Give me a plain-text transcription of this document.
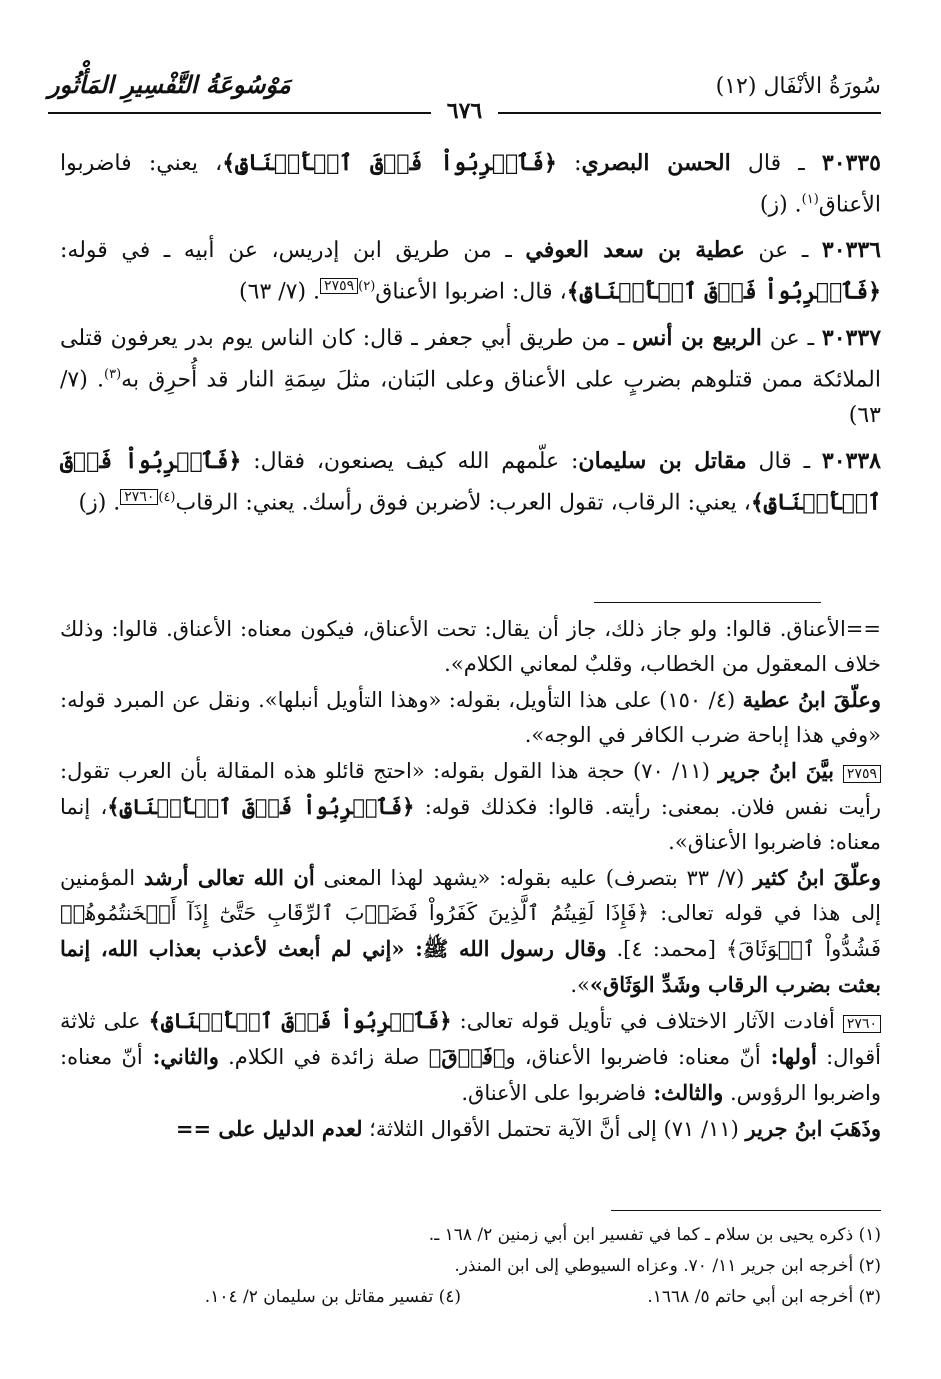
سُورَةُ الأنْفَال (١٢)
مَوْسُوعَةُ التَّفْسِيرِ المَأْثُور
٦٧٦

٣٠٣٣٥ ـ قال الحسن البصري: ﴿فَٱضۡرِبُواْ فَوۡقَ ٱلۡأَعۡنَاقِ﴾، يعني: فاضربوا الأعناق$^{(١)}$. (ز)

٣٠٣٣٦ ـ عن عطية بن سعد العوفي ـ من طريق ابن إدريس، عن أبيه ـ في قوله: ﴿فَٱضۡرِبُواْ فَوۡقَ ٱلۡأَعۡنَاقِ﴾، قال: اضربوا الأعناق$^{(٢)}$٢٧٥٩. (٧/ ٦٣)

٣٠٣٣٧ ـ عن الربيع بن أنس ـ من طريق أبي جعفر ـ قال: كان الناس يوم بدر يعرفون قتلى الملائكة ممن قتلوهم بضربٍ على الأعناق وعلى البَنان، مثلَ سِمَةِ النار قد أُحرِق به$^{(٣)}$. (٧/ ٦٣)

٣٠٣٣٨ ـ قال مقاتل بن سليمان: علّمهم الله كيف يصنعون، فقال: ﴿فَٱضۡرِبُواْ فَوۡقَ ٱلۡأَعۡنَاقِ﴾، يعني: الرقاب، تقول العرب: لأضربن فوق رأسك. يعني: الرقاب$^{(٤)}$٢٧٦٠. (ز)

==الأعناق. قالوا: ولو جاز ذلك، جاز أن يقال: تحت الأعناق، فيكون معناه: الأعناق. قالوا: وذلك خلاف المعقول من الخطاب، وقلبٌ لمعاني الكلام».

وعلّقَ ابنُ عطية (٤/ ١٥٠) على هذا التأويل، بقوله: «وهذا التأويل أنبلها». ونقل عن المبرد قوله: «وفي هذا إباحة ضرب الكافر في الوجه».

٢٧٥٩ بيَّنَ ابنُ جرير (١١/ ٧٠) حجة هذا القول بقوله: «احتج قائلو هذه المقالة بأن العرب تقول: رأيت نفس فلان. بمعنى: رأيته. قالوا: فكذلك قوله: ﴿فَٱضۡرِبُواْ فَوۡقَ ٱلۡأَعۡنَاقِ﴾، إنما معناه: فاضربوا الأعناق».

وعلّقَ ابنُ كثير (٧/ ٣٣ بتصرف) عليه بقوله: «يشهد لهذا المعنى أن الله تعالى أرشد المؤمنين إلى هذا في قوله تعالى: ﴿فَإِذَا لَقِيتُمُ ٱلَّذِينَ كَفَرُواْ فَضَرۡبَ ٱلرِّقَابِ حَتَّىٰٓ إِذَآ أَثۡخَنتُمُوهُمۡ فَشُدُّواْ ٱلۡوَثَاقَ﴾ [محمد: ٤]. وقال رسول الله ﷺ: «إني لم أبعث لأعذب بعذاب الله، إنما بعثت بضرب الرقاب وشَدِّ الوَثَاق»».

٢٧٦٠ أفادت الآثار الاختلاف في تأويل قوله تعالى: ﴿فَٱضۡرِبُواْ فَوۡقَ ٱلۡأَعۡنَاقِ﴾ على ثلاثة أقوال: أولها: أنّ معناه: فاضربوا الأعناق، و﴿فَوۡقَ﴾ صلة زائدة في الكلام. والثاني: أنّ معناه: واضربوا الرؤوس. والثالث: فاضربوا على الأعناق.

وذَهَبَ ابنُ جرير (١١/ ٧١) إلى أنَّ الآية تحتمل الأقوال الثلاثة؛ لعدم الدليل على ==

(١) ذكره يحيى بن سلام ـ كما في تفسير ابن أبي زمنين ٢/ ١٦٨ ـ.

(٢) أخرجه ابن جرير ١١/ ٧٠. وعزاه السيوطي إلى ابن المنذر.

(٣) أخرجه ابن أبي حاتم ٥/ ١٦٦٨.
(٤) تفسير مقاتل بن سليمان ٢/ ١٠٤.
